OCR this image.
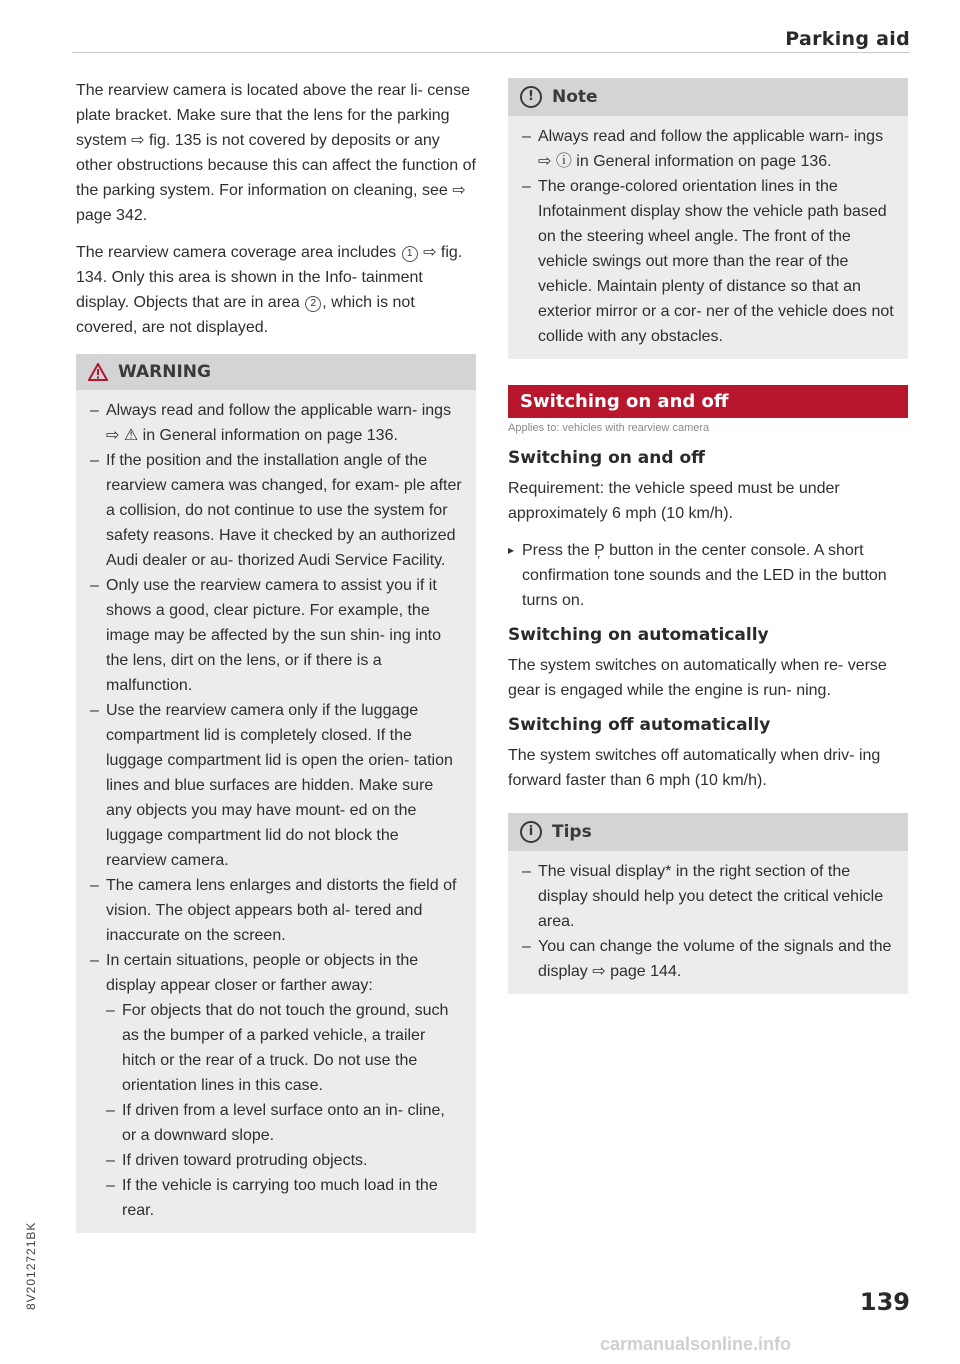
Parking aid

The rearview camera is located above the rear li- cense plate bracket. Make sure that the lens for the parking system ⇨ fig. 135 is not covered by deposits or any other obstructions because this can affect the function of the parking system. For information on cleaning, see ⇨ page 342.

The rearview camera coverage area includes 1 ⇨ fig. 134. Only this area is shown in the Info- tainment display. Objects that are in area 2 , which is not covered, are not displayed.

WARNING
– Always read and follow the applicable warn- ings ⇨ ⚠ in General information on page 136.
– If the position and the installation angle of the rearview camera was changed, for exam- ple after a collision, do not continue to use the system for safety reasons. Have it checked by an authorized Audi dealer or au- thorized Audi Service Facility.
– Only use the rearview camera to assist you if it shows a good, clear picture. For example, the image may be affected by the sun shin- ing into the lens, dirt on the lens, or if there is a malfunction.
– Use the rearview camera only if the luggage compartment lid is completely closed. If the luggage compartment lid is open the orien- tation lines and blue surfaces are hidden. Make sure any objects you may have mount- ed on the luggage compartment lid do not block the rearview camera.
– The camera lens enlarges and distorts the field of vision. The object appears both al- tered and inaccurate on the screen.
– In certain situations, people or objects in the display appear closer or farther away:
– For objects that do not touch the ground, such as the bumper of a parked vehicle, a trailer hitch or the rear of a truck. Do not use the orientation lines in this case.
– If driven from a level surface onto an in- cline, or a downward slope.
– If driven toward protruding objects.
– If the vehicle is carrying too much load in the rear.
!	Note
– Always read and follow the applicable warn- ings ⇨ ⓘ in General information on page 136.
– The orange-colored orientation lines in the Infotainment display show the vehicle path based on the steering wheel angle. The front of the vehicle swings out more than the rear of the vehicle. Maintain plenty of distance so that an exterior mirror or a cor- ner of the vehicle does not collide with any obstacles.
Switching on and off
Applies to: vehicles with rearview camera
Switching on and off

Requirement: the vehicle speed must be under approximately 6 mph (10 km/h).

▸ Press the P᷊ button in the center console. A short confirmation tone sounds and the LED in the button turns on.
Switching on automatically

The system switches on automatically when re- verse gear is engaged while the engine is run- ning.

Switching off automatically

The system switches off automatically when driv- ing forward faster than 6 mph (10 km/h).

i	Tips
– The visual display* in the right section of the display should help you detect the critical vehicle area.
– You can change the volume of the signals and the display ⇨ page 144.
139
8V2012721BK
carmanualsonline.info
